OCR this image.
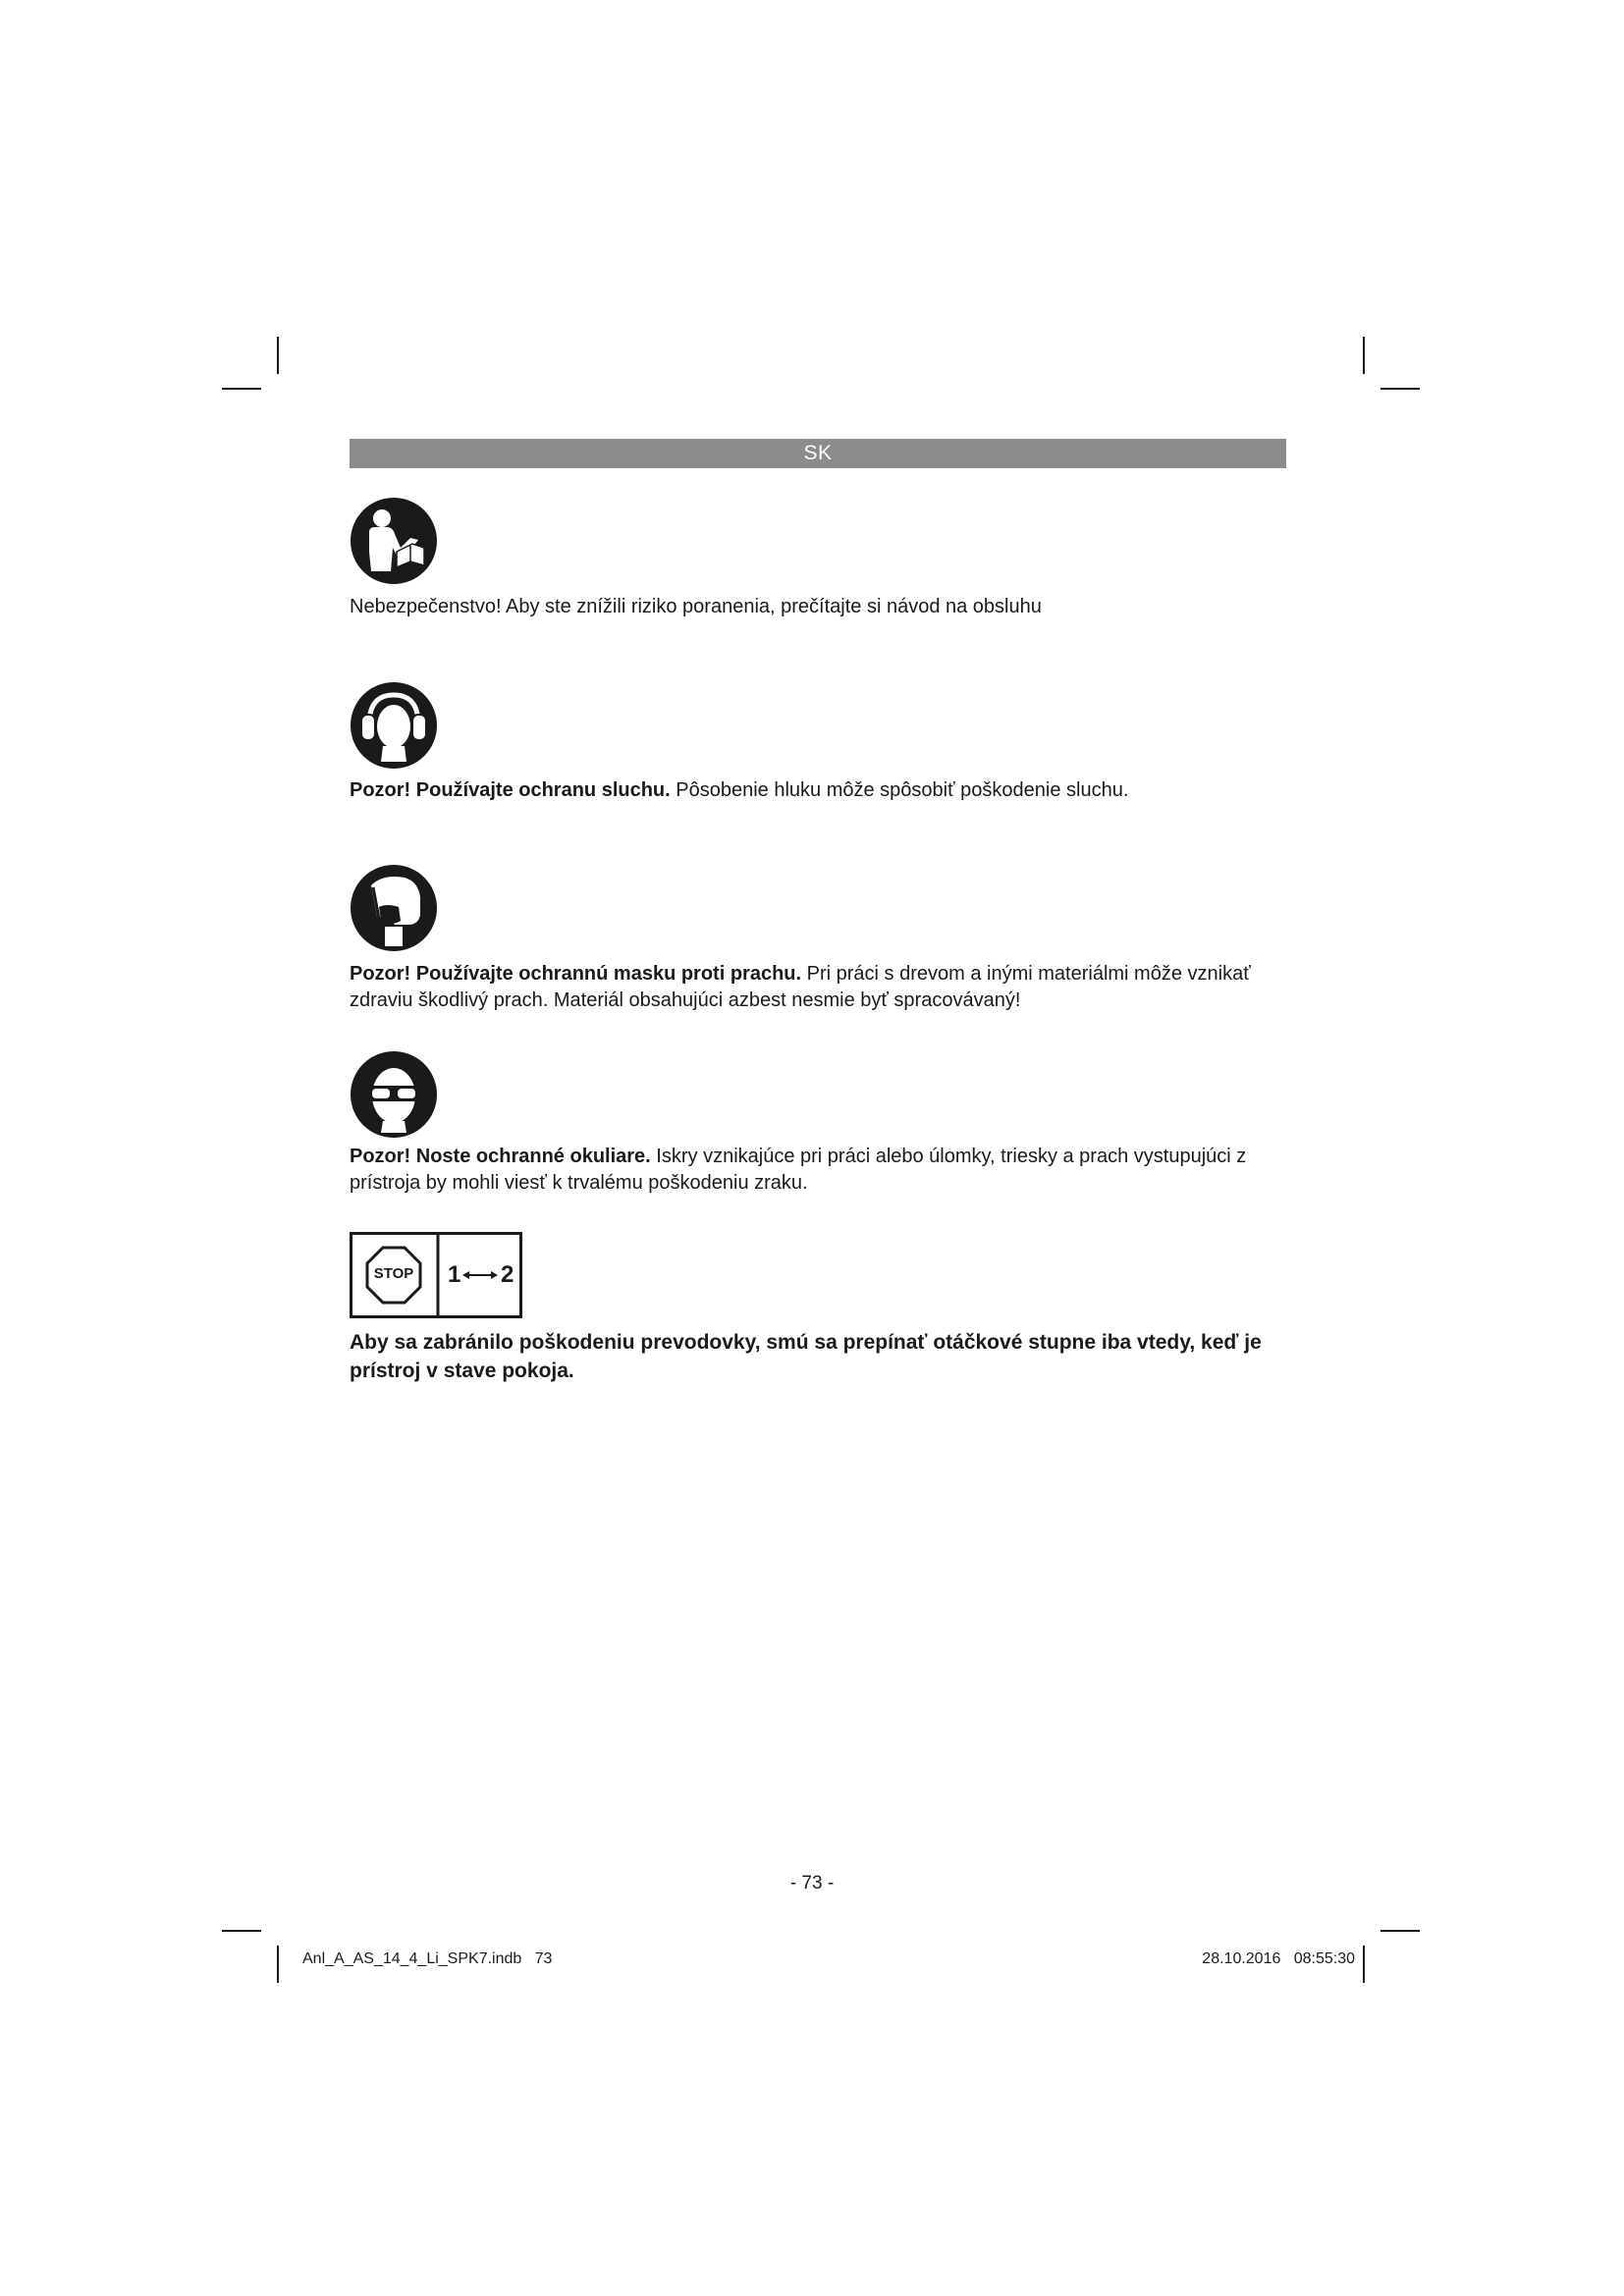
SK
Nebezpečenstvo! Aby ste znížili riziko poranenia, prečítajte si návod na obsluhu
Pozor! Používajte ochranu sluchu. Pôsobenie hluku môže spôsobiť poškodenie sluchu.
Pozor! Používajte ochrannú masku proti prachu. Pri práci s drevom a inými materiálmi môže vznikať zdraviu škodlivý prach. Materiál obsahujúci azbest nesmie byť spracovávaný!
Pozor! Noste ochranné okuliare. Iskry vznikajúce pri práci alebo úlomky, triesky a prach vystupujúci z prístroja by mohli viesť k trvalému poškodeniu zraku.
STOP 1 2
Aby sa zabránilo poškodeniu prevodovky, smú sa prepínať otáčkové stupne iba vtedy, keď je prístroj v stave pokoja.
- 73 -
Anl_A_AS_14_4_Li_SPK7.indb   73	28.10.2016   08:55:30
